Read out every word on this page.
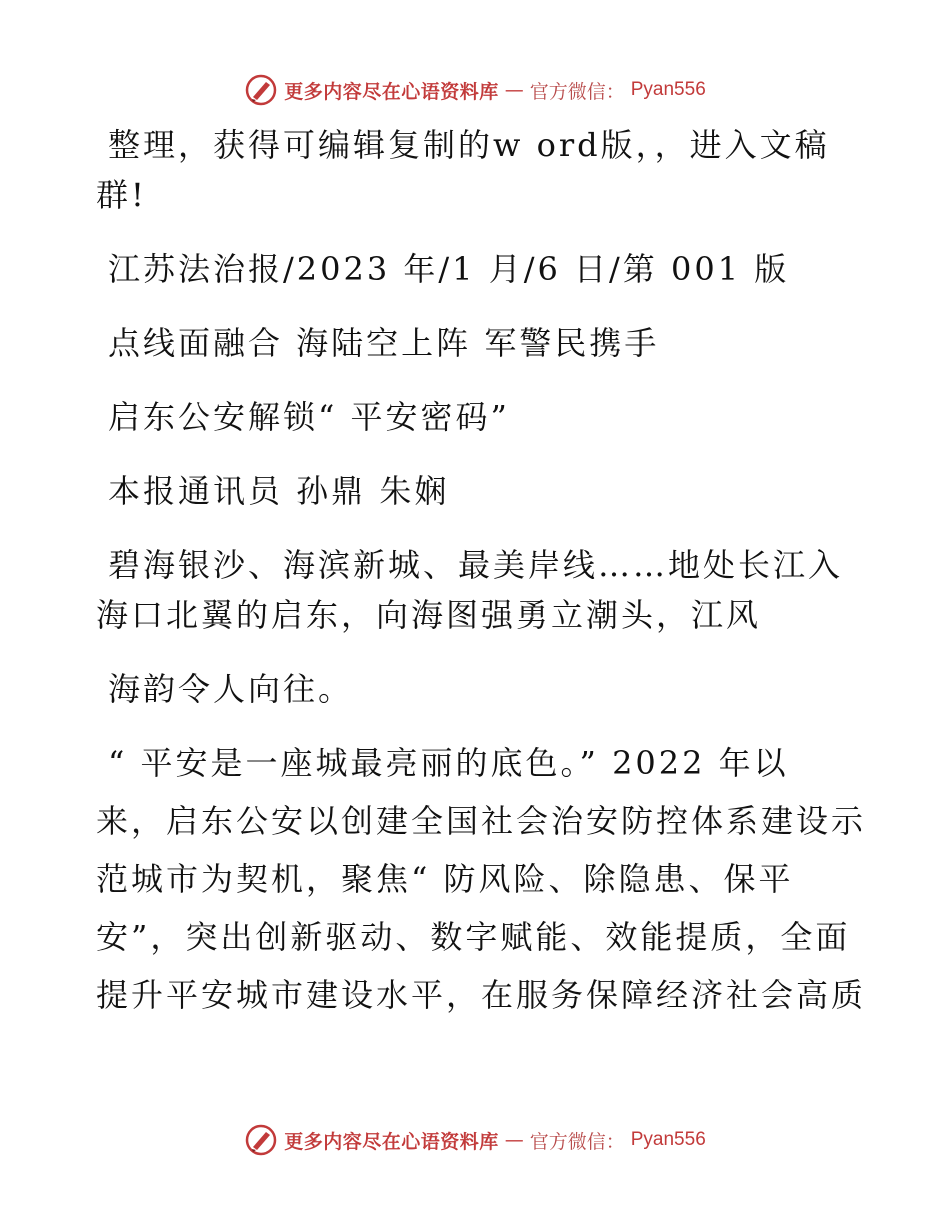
更多内容尽在心语资料库 — 官方微信： Pyan556
整理，获得可编辑复制的w ord版，，进入文稿
群!
江苏法治报/2023 年/1 月/6 日/第 001 版
点线面融合 海陆空上阵 军警民携手
启东公安解锁“ 平安密码”
本报通讯员 孙鼎 朱娴
碧海银沙、海滨新城、最美岸线……地处长江入
海口北翼的启东，向海图强勇立潮头，江风
海韵令人向往。
“ 平安是一座城最亮丽的底色。” 2022 年以
来，启东公安以创建全国社会治安防控体系建设示
范城市为契机，聚焦“ 防风险、除隐患、保平
安”，突出创新驱动、数字赋能、效能提质，全面
提升平安城市建设水平，在服务保障经济社会高质
更多内容尽在心语资料库 — 官方微信： Pyan556
